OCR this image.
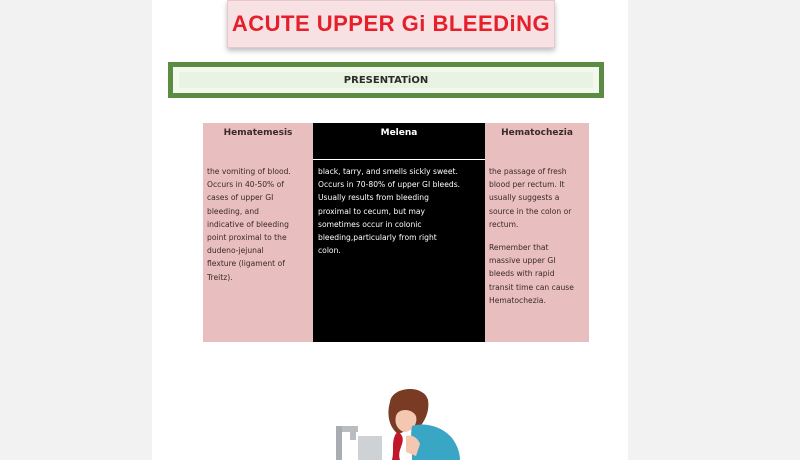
ACUTE UPPER Gi BLEEDiNG
PRESENTATiON
Hematemesis
the vomiting of blood.
Occurs in 40-50% of
cases of upper GI
bleeding, and
indicative of bleeding
point proximal to the
dudeno-jejunal
flexture (ligament of
Treitz).
Melena
black, tarry, and smells sickly sweet.
Occurs in 70-80% of upper GI bleeds.
Usually results from bleeding
proximal to cecum, but may
sometimes occur in colonic
bleeding,particularly from right
colon.
Hematochezia
the passage of fresh
blood per rectum. It
usually suggests a
source in the colon or
rectum.
Remember that
massive upper GI
bleeds with rapid
transit time can cause
Hematochezia.
